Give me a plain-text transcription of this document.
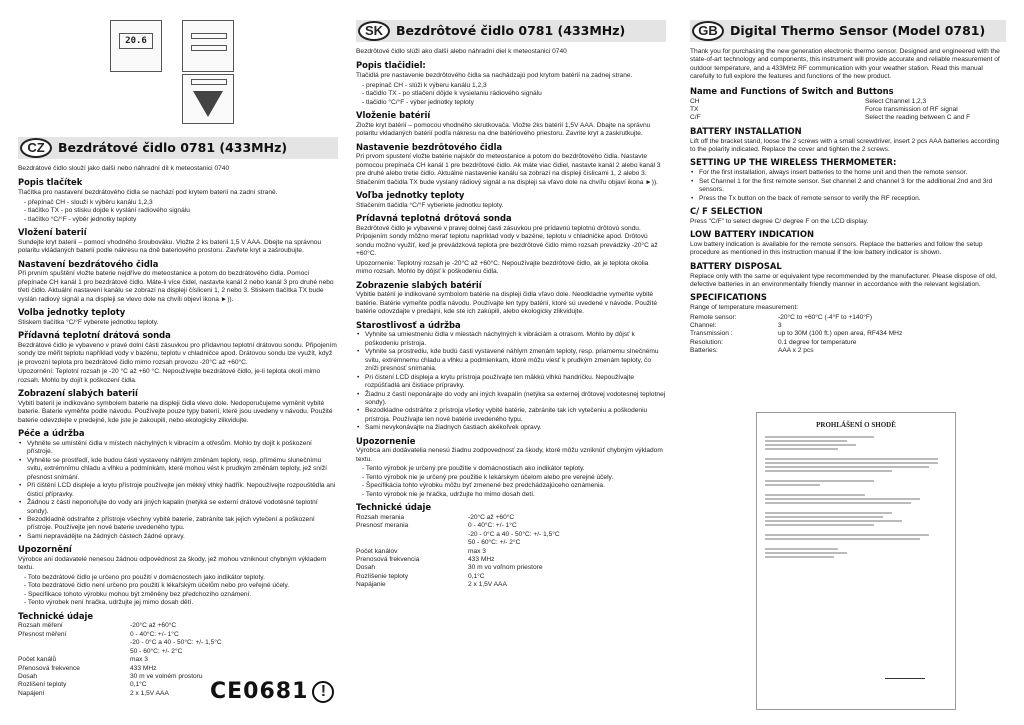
20.6
CZ	Bezdrátové čidlo 0781 (433MHz)

Bezdrátové čidlo slouží jako další nebo náhradní díl k meteostanici 0740

Popis tlačítek

Tlačítka pro nastavení bezdrátového čidla se nachází pod krytem baterií na zadní straně.

- přepínač CH - slouží k výběru kanálu 1,2,3
- tlačítko TX - po stisku dojde k vyslání radiového signálu
- tlačítko °C/°F - výběr jednotky teploty
Vložení baterií

Sundejte kryt baterií – pomocí vhodného šroubováku. Vložte 2 ks baterií 1,5 V AAA. Dbejte na správnou polaritu vkládaných baterií podle nákresu na dně bateriového prostoru. Zavřete kryt a zašroubujte.

Nastavení bezdrátového čidla

Při prvním spuštění vložte baterie nejdříve do meteostanice a potom do bezdrátového čidla. Pomocí přepínače CH kanál 1 pro bezdrátové čidlo. Máte-li více čidel, nastavte kanál 2 nebo kanál 3 pro druhé nebo třetí čidlo. Aktuální nastavení kanálu se zobrazí na displeji čísliceni 1, 2 nebo 3. Stiskem tlačítka TX bude vyslán radiový signál a na displeji se vlevo dole na chvíli objeví ikona ►)).

Volba jednotky teploty

Stiskem tlačítka °C/°F vyberete jednotku teploty.

Přídavná teplotní drátová sonda

Bezdrátové čidlo je vybaveno v pravé dolní části zásuvkou pro přídavnou teplotní drátovou sondu. Připojením sondy lze měřit teplotu například vody v bazénu, teplotu v chladničce apod. Drátovou sondu lze využít, když je provozní teplota pro bezdrátové čidlo mimo rozsah provozu -20°C až +60°C.

Upozornění: Teplotní rozsah je -20 °C až +60 °C. Nepoužívejte bezdrátové čidlo, je-li teplota okolí mimo rozsah. Mohlo by dojít k poškození čidla.

Zobrazení slabých baterií

Vybití baterií je indikováno symbolem baterie na displeji čidla vlevo dole. Nedoporučujeme vyměnit vybité baterie. Baterie vyměňte podle návodu. Používejte pouze typy baterií, které jsou uvedeny v návodu. Použité baterie odevzdejte v predejně, kde jste je zakoupili, nebo ekologicky zlikvidujte.

Péče a údržba
• Vyhněte se umístění čidla v místech náchylných k vibracím a otřesům. Mohlo by dojít k poškození přístroje.
• Vyhněte se prostředí, kde budou části vystaveny náhlým změnám teploty, resp. přímému slunečnímu svitu, extrémnímu chladu a vlhku a podmínkám, které mohou vést k prudkým změnám teploty, jež sníží přesnost snímání.
• Při čištění LCD displeje a krytu přístroje používejte jen měkký vlhký hadřík. Nepoužívejte rozpouštědla ani čisticí přípravky.
• Žádnou z částí neponořujte do vody ani jiných kapalin (netýká se externí drátové vodotěsné teplotní sondy).
• Bezodkladně odstraňte z přístroje všechny vybité baterie, zabráníte tak jejich vytečení a poškození přístroje. Používejte jen nové baterie uvedeného typu.
• Sami nepravádějte na žádných částech žádné opravy.
Upozornění

Výrobce ani dodavatelé nenesou žádnou odpovědnost za škody, jež mohou vzniknout chybným výkladem textu.

- Toto bezdrátové čidlo je určeno pro použití v domácnostech jako indikátor teploty.
- Toto bezdrátové čidlo není určeno pro použití k lékařským účelům nebo pro veřejné účely.
- Specifikace tohoto výrobku mohou být změněny bez předchozího oznámení.
- Tento výrobek není hračka, udržujte jej mimo dosah dětí.
Technické údaje
Rozsah měření	-20°C až +60°C
Přesnost měření	0 - 40°C: +/- 1°C
	-20 - 0°C a 40 - 50°C: +/- 1,5°C
	50 - 60°C: +/- 2°C
Počet kanálů	max 3
Přenosová frekvence	433 MHz
Dosah	30 m ve volném prostoru
Rozlišení teploty	0,1°C
Napájení	2 x 1,5V AAA CE0681 !
SK	Bezdrôtové čidlo 0781 (433MHz)

Bezdrôtové čidlo slúži ako ďalší alebo náhradní diel k meteostanici 0740

Popis tlačidiel:

Tlačidlá pre nastavenie bezdrôtového čidla sa nachádzajú pod krytom batérií na zadnej strane.

- prepínač CH - slúži k výberu kanálu 1,2,3
- tlačidlo TX - po stlačení dôjde k vysielaniu rádiového signálu
- tlačidlo °C/°F - výber jednotky teploty
Vloženie batérií

Zložte kryt batérií – pomocou vhodného skrutkovača. Vložte 2ks batérií 1,5V AAA. Dbajte na správnu polaritu vkladaných batérií podľa nákresu na dne batériového priestoru. Zavrite kryt a zaskrutkujte.

Nastavenie bezdrôtového čidla

Pri prvom spustení vložte batérie najskôr do meteostanice a potom do bezdrôtového čidla. Nastavte pomocou prepínača CH kanál 1 pre bezdrôtové čidlo. Ak máte viac čidiel, nastavte kanál 2 alebo kanál 3 pre druhé alebo tretie čidlo. Aktuálne nastavenie kanálu sa zobrazí na displeji číslicami 1, 2 alebo 3. Stlačením tlačidla TX bude vyslaný rádiový signál a na displeji sa vľavo dole na chvíľu objaví ikona ►)).

Voľba jednotky teploty

Stlačením tlačidla °C/°F vyberiete jednotku teploty.

Prídavná teplotná drôtová sonda

Bezdrôtové čidlo je vybavené v pravej dolnej časti zásuvkou pre prídavnú teplotnú drôtovú sondu. Pripojením sondy môžno merať teplotu napríklad vody v bazéne, teplotu v chladničke apod. Drôtovú sondu možno využiť, keď je prevádzková teplota pre bezdrôtové čidlo mimo rozsah prevádzky -20°C až +60°C.

Upozornenie: Teplotný rozsah je -20°C až +60°C. Nepoužívajte bezdrôtové čidlo, ak je teplota okolia mimo rozsah. Mohlo by dôjsť k poškodeniu čidla.

Zobrazenie slabých batérií

Vybitie batérií je indikované symbolom batérie na displeji čidla vľavo dole. Neodkladne vymeňte vybité batérie. Batérie vymeňte podľa návodu. Používajte len typy batérií, ktoré sú uvedené v návode. Použité batérie odovzdajte v predajni, kde ste ich zakúpili, alebo ekologicky zlikvidujte.

Starostlivosť a údržba
• Vyhnite sa umiestneniu čidla v miestach náchylných k vibráciám a otrasom. Mohlo by dôjsť k poškodeniu prístroja.
• Vyhnite sa prostrediu, kde budú časti vystavené náhlym zmenám teploty, resp. priamemu slnečnému svitu, extrémnemu chladu a vlhku a podmienkam, ktoré môžu viesť k prudkým zmenám teploty, čo zníži presnosť snímania.
• Pri čistení LCD displeja a krytu prístroja používajte len mäkkú vlhkú handričku. Nepoužívajte rozpúšťadlá ani čistiace prípravky.
• Žiadnu z častí neponárajte do vody ani iných kvapalín (netýka sa externej drôtovej vodotesnej teplotnej sondy).
• Bezodkladne odstráňte z prístroja všetky vybité batérie, zabránite tak ich vytečeniu a poškodeniu prístroja. Používajte len nové batérie uvedeného typu.
• Sami nevykonávajte na žiadnych častiach akékoľvek opravy.
Upozornenie

Výrobca ani dodávatelia nenesú žiadnu zodpovednosť za škody, ktoré môžu vzniknúť chybným výkladom textu.

- Tento výrobok je určený pre použitie v domácnostiach ako indikátor teploty.
- Tento výrobok nie je určený pre použitie k lekárskym účelom alebo pre verejné účely.
- Špecifikácia tohto výrobku môžu byť zmenené bez predchádzajúceho oznámenia.
- Tento výrobok nie je hračka, udržujte ho mimo dosah detí.
Technické údaje
Rozsah merania	-20°C až +60°C
Presnosť merania	0 - 40°C: +/- 1°C
	-20 - 0°C a 40 - 50°C: +/- 1,5°C
	50 - 60°C: +/- 2°C
Počet kanálov	max 3
Prenosová frekvencia	433 MHz
Dosah	30 m vo voľnom priestore
Rozlíšenie teploty	0,1°C
Napájanie	2 x 1,5V AAA
GB Digital Thermo Sensor (Model 0781)

Thank you for purchasing the new generation electronic thermo sensor. Designed and engineered with the state-of-art technology and components, this instrument will provide accurate and reliable measurement of outdoor temperature, and a 433MHz RF communication with your weather station. Read this manual carefully to full explore the features and functions of the new product.

Name and Functions of Switch and Buttons
CH	Select Channel 1,2,3
TX	Force transmission of RF signal
C/F	Select the reading between C and F
BATTERY INSTALLATION

Lift off the bracket stand, loose the 2 screws with a small screwdriver, insert 2 pcs AAA batteries according to the polarity indicated. Replace the cover and tighten the 2 screws.

SETTING UP THE WIRELESS THERMOMETER:
• For the first installation, always insert batteries to the home unit and then the remote sensor.
• Set Channel 1 for the first remote sensor. Set channel 2 and channel 3 for the additional 2nd and 3rd sensors.
• Press the Tx button on the back of remote sensor to verify the RF reception.
C/ F SELECTION

Press "C/F" to select degree C/ degree F on the LCD display.

LOW BATTERY INDICATION

Low battery indication is available for the remote sensors. Replace the batteries and follow the setup procedure as mentioned in this instruction manual if the low battery indicator is shown.

BATTERY DISPOSAL

Replace only with the same or equivalent type recommended by the manufacturer. Please dispose of old, defective batteries in an environmentally friendly manner in accordance with the relevant legislation.

SPECIFICATIONS

Range of temperature measurement:

Remote sensor:	-20°C to +60°C (-4°F to +140°F)
Channel:	3
Transmission :	up to 30M (100 ft.) open area, RF434 MHz
Resolution:	0.1 degree for temperature
Batteries:	AAA x 2 pcs
PROHLÁŠENÍ O SHODĚ
